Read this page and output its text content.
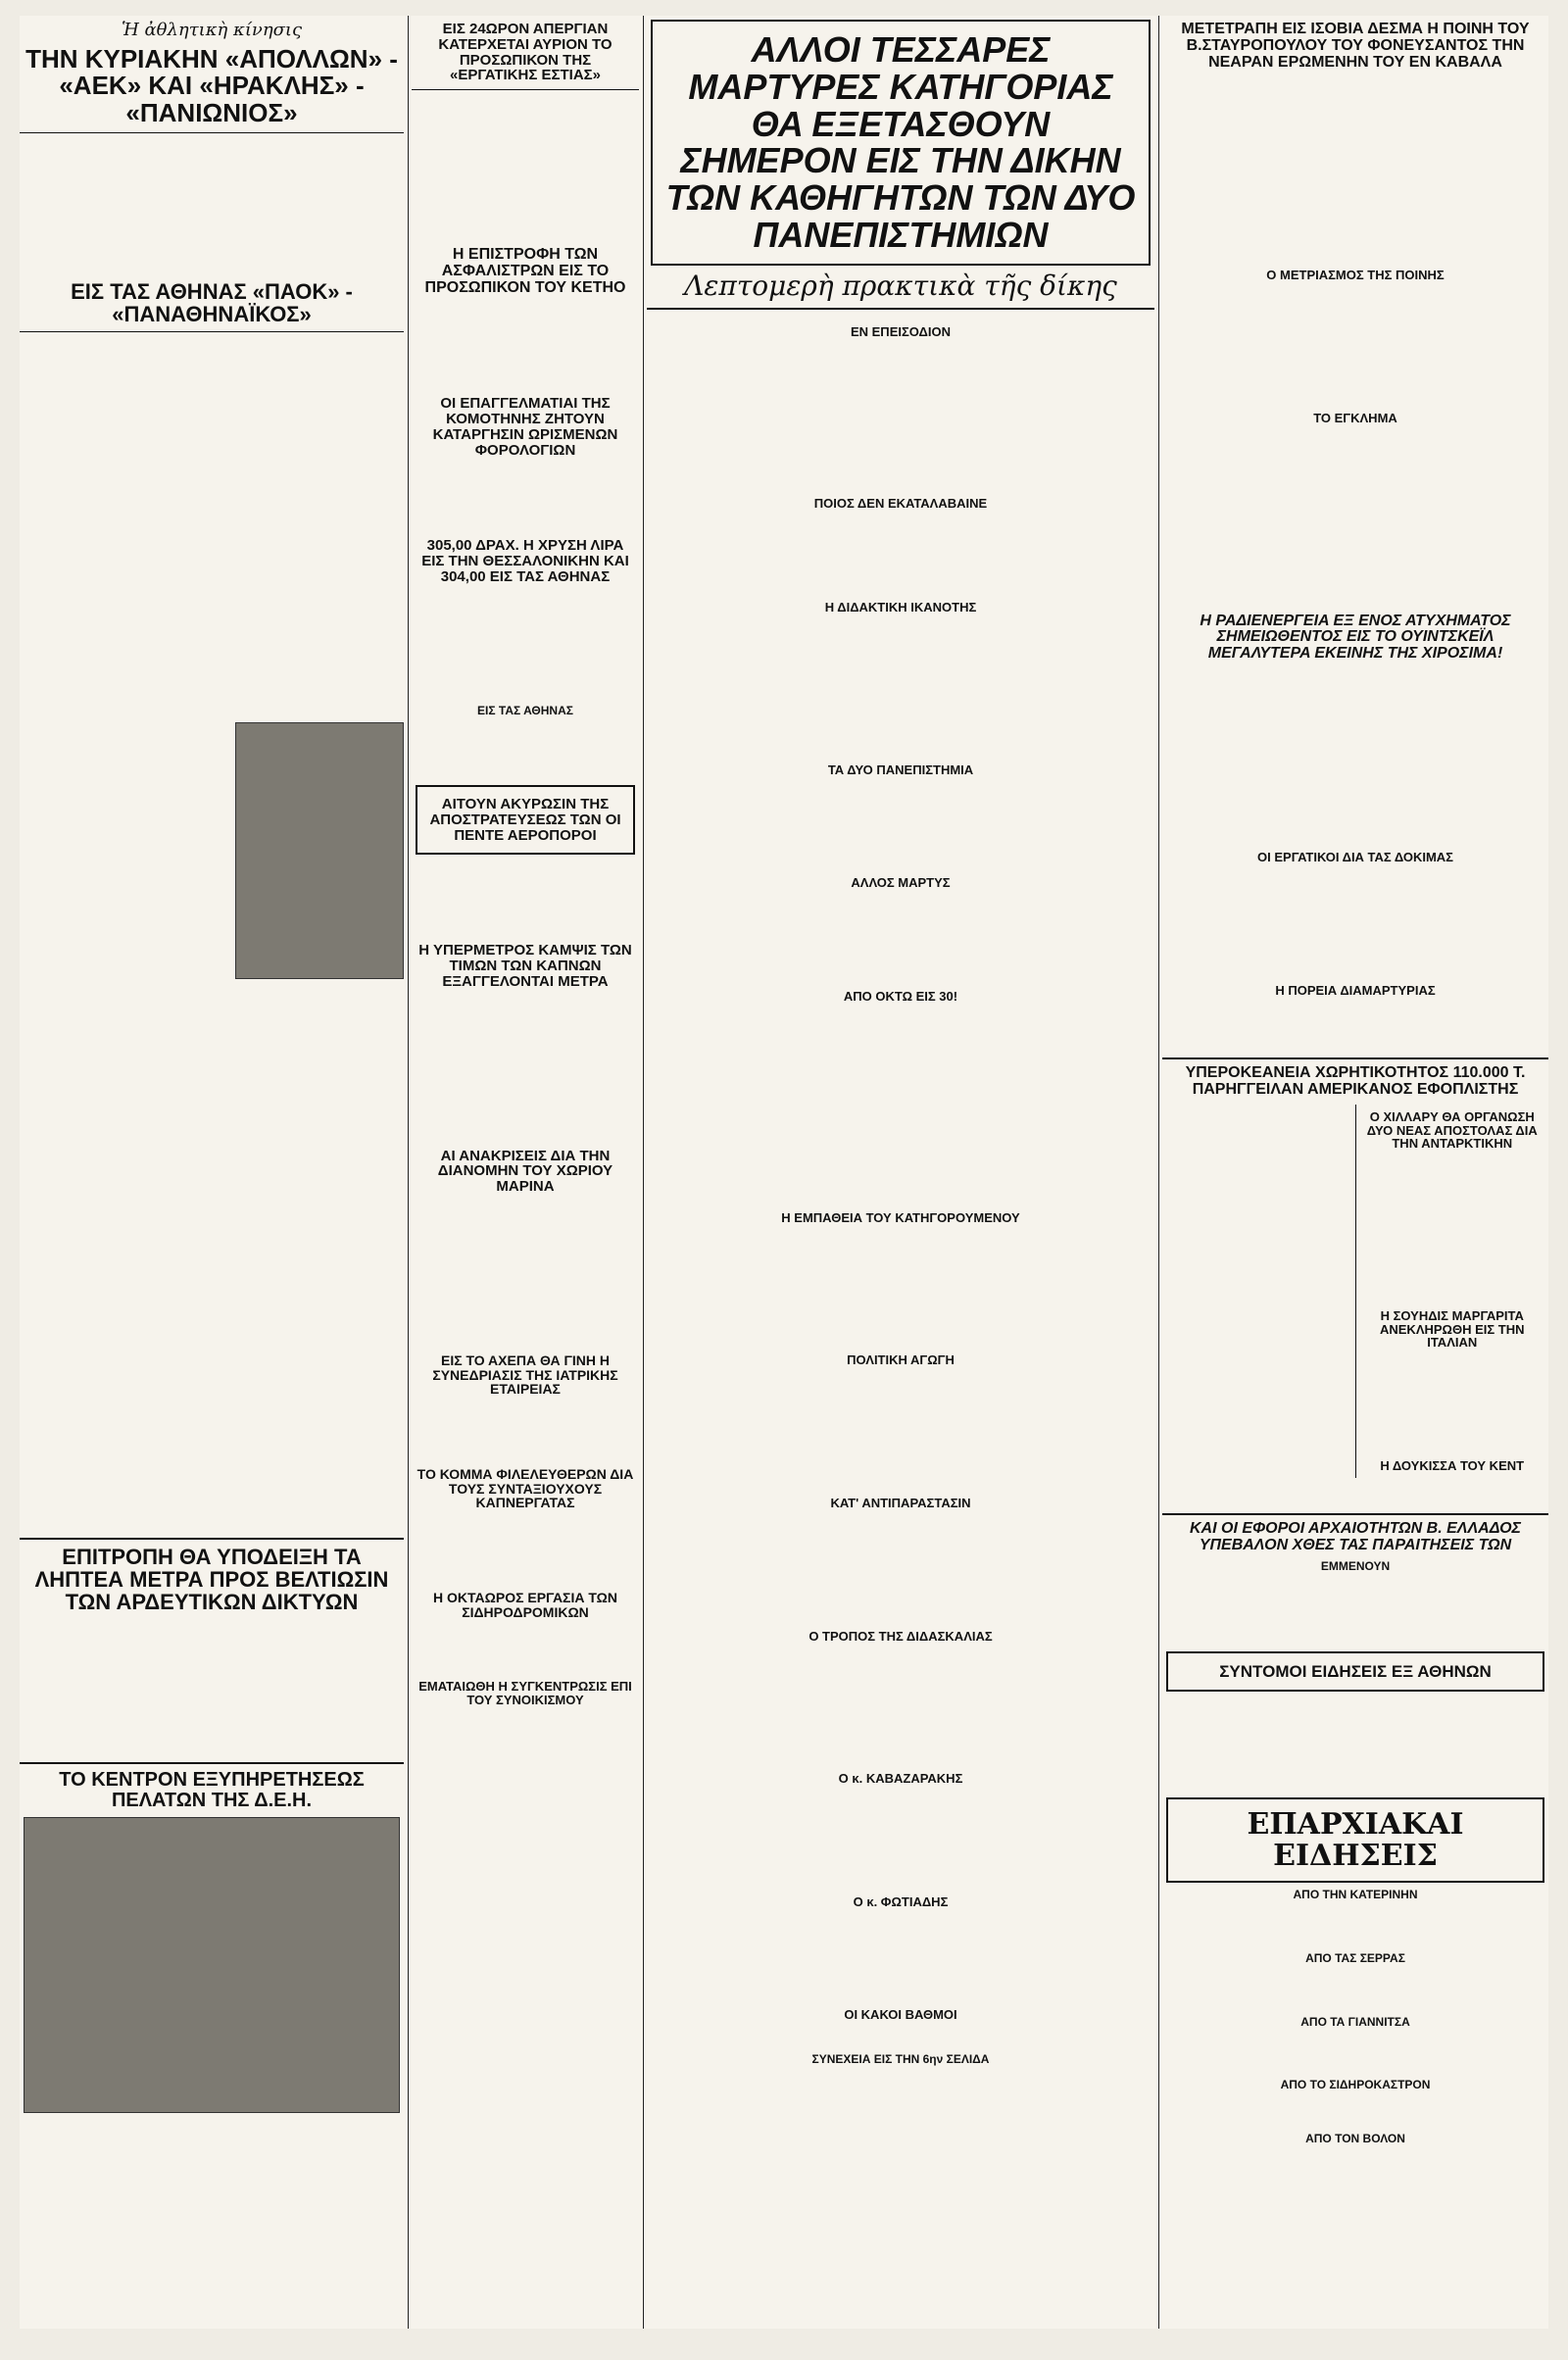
Ἡ ἀθλητικὴ κίνησις
ΤΗΝ ΚΥΡΙΑΚΗΝ «ΑΠΟΛΛΩΝ» - «ΑΕΚ» ΚΑΙ «ΗΡΑΚΛΗΣ» - «ΠΑΝΙΩΝΙΟΣ»
ΕΙΣ ΤΑΣ ΑΘΗΝΑΣ «ΠΑΟΚ» - «ΠΑΝΑΘΗΝΑΪΚΟΣ»
ΕΠΙΤΡΟΠΗ ΘΑ ΥΠΟΔΕΙΞΗ ΤΑ ΛΗΠΤΕΑ ΜΕΤΡΑ ΠΡΟΣ ΒΕΛΤΙΩΣΙΝ ΤΩΝ ΑΡΔΕΥΤΙΚΩΝ ΔΙΚΤΥΩΝ
ΤΟ ΚΕΝΤΡΟΝ ΕΞΥΠΗΡΕΤΗΣΕΩΣ ΠΕΛΑΤΩΝ ΤΗΣ Δ.Ε.Η.
ΕΙΣ 24ΩΡΟΝ ΑΠΕΡΓΙΑΝ ΚΑΤΕΡΧΕΤΑΙ ΑΥΡΙΟΝ ΤΟ ΠΡΟΣΩΠΙΚΟΝ ΤΗΣ «ΕΡΓΑΤΙΚΗΣ ΕΣΤΙΑΣ»
Η ΕΠΙΣΤΡΟΦΗ ΤΩΝ ΑΣΦΑΛΙΣΤΡΩΝ ΕΙΣ ΤΟ ΠΡΟΣΩΠΙΚΟΝ ΤΟΥ ΚΕΤΗΟ
ΟΙ ΕΠΑΓΓΕΛΜΑΤΙΑΙ ΤΗΣ ΚΟΜΟΤΗΝΗΣ ΖΗΤΟΥΝ ΚΑΤΑΡΓΗΣΙΝ ΩΡΙΣΜΕΝΩΝ ΦΟΡΟΛΟΓΙΩΝ
305,00 ΔΡΑΧ. Η ΧΡΥΣΗ ΛΙΡΑ ΕΙΣ ΤΗΝ ΘΕΣΣΑΛΟΝΙΚΗΝ ΚΑΙ 304,00 ΕΙΣ ΤΑΣ ΑΘΗΝΑΣ
ΕΙΣ ΤΑΣ ΑΘΗΝΑΣ
ΑΙΤΟΥΝ ΑΚΥΡΩΣΙΝ ΤΗΣ ΑΠΟΣΤΡΑΤΕΥΣΕΩΣ ΤΩΝ ΟΙ ΠΕΝΤΕ ΑΕΡΟΠΟΡΟΙ
Η ΥΠΕΡΜΕΤΡΟΣ ΚΑΜΨΙΣ ΤΩΝ ΤΙΜΩΝ ΤΩΝ ΚΑΠΝΩΝ ΕΞΑΓΓΕΛΟΝΤΑΙ ΜΕΤΡΑ
ΑΙ ΑΝΑΚΡΙΣΕΙΣ ΔΙΑ ΤΗΝ ΔΙΑΝΟΜΗΝ ΤΟΥ ΧΩΡΙΟΥ ΜΑΡΙΝΑ
ΕΙΣ ΤΟ ΑΧΕΠΑ ΘΑ ΓΙΝΗ Η ΣΥΝΕΔΡΙΑΣΙΣ ΤΗΣ ΙΑΤΡΙΚΗΣ ΕΤΑΙΡΕΙΑΣ
ΤΟ ΚΟΜΜΑ ΦΙΛΕΛΕΥΘΕΡΩΝ ΔΙΑ ΤΟΥΣ ΣΥΝΤΑΞΙΟΥΧΟΥΣ ΚΑΠΝΕΡΓΑΤΑΣ
Η ΟΚΤΑΩΡΟΣ ΕΡΓΑΣΙΑ ΤΩΝ ΣΙΔΗΡΟΔΡΟΜΙΚΩΝ
ΕΜΑΤΑΙΩΘΗ Η ΣΥΓΚΕΝΤΡΩΣΙΣ ΕΠΙ ΤΟΥ ΣΥΝΟΙΚΙΣΜΟΥ
ΑΛΛΟΙ ΤΕΣΣΑΡΕΣ ΜΑΡΤΥΡΕΣ ΚΑΤΗΓΟΡΙΑΣ ΘΑ ΕΞΕΤΑΣΘΟΥΝ ΣΗΜΕΡΟΝ ΕΙΣ ΤΗΝ ΔΙΚΗΝ ΤΩΝ ΚΑΘΗΓΗΤΩΝ ΤΩΝ ΔΥΟ ΠΑΝΕΠΙΣΤΗΜΙΩΝ
Λεπτομερὴ πρακτικὰ τῆς δίκης
ΕΝ ΕΠΕΙΣΟΔΙΟΝ
ΠΟΙΟΣ ΔΕΝ ΕΚΑΤΑΛΑΒΑΙΝΕ
Η ΔΙΔΑΚΤΙΚΗ ΙΚΑΝΟΤΗΣ
ΤΑ ΔΥΟ ΠΑΝΕΠΙΣΤΗΜΙΑ
ΑΛΛΟΣ ΜΑΡΤΥΣ
ΑΠΟ ΟΚΤΩ ΕΙΣ 30!
Η ΕΜΠΑΘΕΙΑ ΤΟΥ ΚΑΤΗΓΟΡΟΥΜΕΝΟΥ
ΠΟΛΙΤΙΚΗ ΑΓΩΓΗ
ΚΑΤ' ΑΝΤΙΠΑΡΑΣΤΑΣΙΝ
Ο ΤΡΟΠΟΣ ΤΗΣ ΔΙΔΑΣΚΑΛΙΑΣ
Ο κ. ΚΑΒΑΖΑΡΑΚΗΣ
Ο κ. ΦΩΤΙΑΔΗΣ
ΟΙ ΚΑΚΟΙ ΒΑΘΜΟΙ
ΣΥΝΕΧΕΙΑ ΕΙΣ ΤΗΝ 6ην ΣΕΛΙΔΑ
ΜΕΤΕΤΡΑΠΗ ΕΙΣ ΙΣΟΒΙΑ ΔΕΣΜΑ Η ΠΟΙΝΗ ΤΟΥ Β.ΣΤΑΥΡΟΠΟΥΛΟΥ ΤΟΥ ΦΟΝΕΥΣΑΝΤΟΣ ΤΗΝ ΝΕΑΡΑΝ ΕΡΩΜΕΝΗΝ ΤΟΥ ΕΝ ΚΑΒΑΛΑ
Ο ΜΕΤΡΙΑΣΜΟΣ ΤΗΣ ΠΟΙΝΗΣ
ΤΟ ΕΓΚΛΗΜΑ
Η ΡΑΔΙΕΝΕΡΓΕΙΑ ΕΞ ΕΝΟΣ ΑΤΥΧΗΜΑΤΟΣ ΣΗΜΕΙΩΘΕΝΤΟΣ ΕΙΣ ΤΟ ΟΥΙΝΤΣΚΕΪΛ ΜΕΓΑΛΥΤΕΡΑ ΕΚΕΙΝΗΣ ΤΗΣ ΧΙΡΟΣΙΜΑ!
ΟΙ ΕΡΓΑΤΙΚΟΙ ΔΙΑ ΤΑΣ ΔΟΚΙΜΑΣ
Η ΠΟΡΕΙΑ ΔΙΑΜΑΡΤΥΡΙΑΣ
ΥΠΕΡΟΚΕΑΝΕΙΑ ΧΩΡΗΤΙΚΟΤΗΤΟΣ 110.000 Τ. ΠΑΡΗΓΓΕΙΛΑΝ ΑΜΕΡΙΚΑΝΟΣ ΕΦΟΠΛΙΣΤΗΣ
Ο ΧΙΛΛΑΡΥ ΘΑ ΟΡΓΑΝΩΣΗ ΔΥΟ ΝΕΑΣ ΑΠΟΣΤΟΛΑΣ ΔΙΑ ΤΗΝ ΑΝΤΑΡΚΤΙΚΗΝ
Η ΣΟΥΗΔΙΣ ΜΑΡΓΑΡΙΤΑ ΑΝΕΚΛΗΡΩΘΗ ΕΙΣ ΤΗΝ ΙΤΑΛΙΑΝ
Η ΔΟΥΚΙΣΣΑ ΤΟΥ ΚΕΝΤ
ΚΑΙ ΟΙ ΕΦΟΡΟΙ ΑΡΧΑΙΟΤΗΤΩΝ Β. ΕΛΛΑΔΟΣ ΥΠΕΒΑΛΟΝ ΧΘΕΣ ΤΑΣ ΠΑΡΑΙΤΗΣΕΙΣ ΤΩΝ
ΕΜΜΕΝΟΥΝ
ΣΥΝΤΟΜΟΙ ΕΙΔΗΣΕΙΣ ΕΞ ΑΘΗΝΩΝ
ΕΠΑΡΧΙΑΚΑΙ ΕΙΔΗΣΕΙΣ
ΑΠΟ ΤΗΝ ΚΑΤΕΡΙΝΗΝ
ΑΠΟ ΤΑΣ ΣΕΡΡΑΣ
ΑΠΟ ΤΑ ΓΙΑΝΝΙΤΣΑ
ΑΠΟ ΤΟ ΣΙΔΗΡΟΚΑΣΤΡΟΝ
ΑΠΟ ΤΟΝ ΒΟΛΟΝ
